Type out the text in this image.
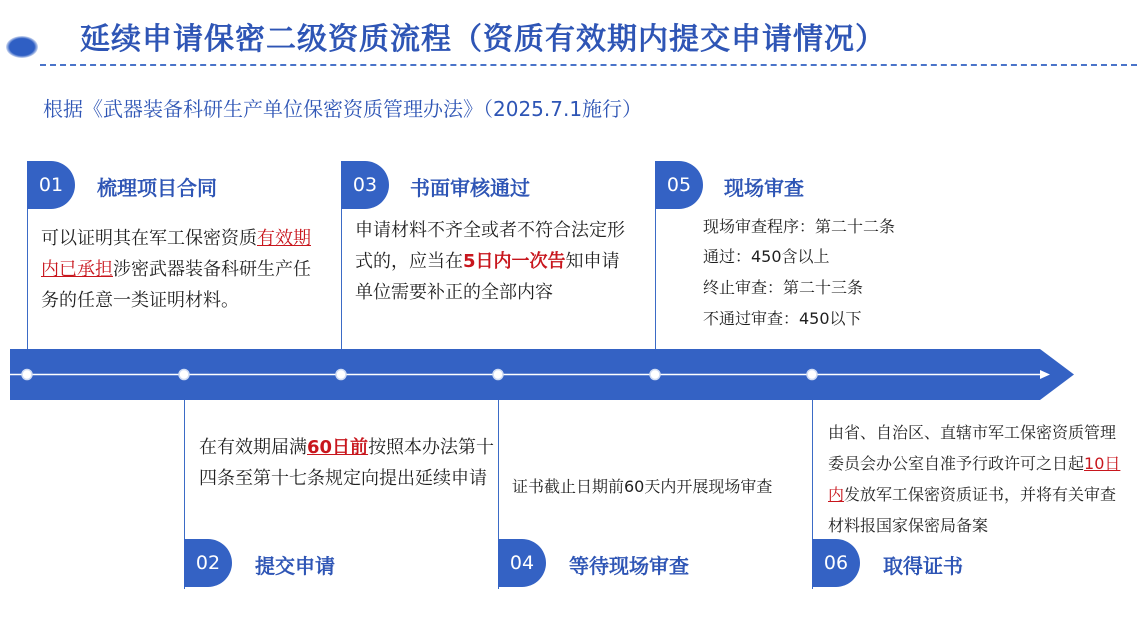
延续申请保密二级资质流程（资质有效期内提交申请情况）
根据《武器装备科研生产单位保密资质管理办法》（2025.7.1施行）
01	梳理项目合同
可以证明其在军工保密资质有效期内已承担涉密武器装备科研生产任务的任意一类证明材料。
03	书面审核通过
申请材料不齐全或者不符合法定形式的，应当在5日内一次告知申请单位需要补正的全部内容
05	现场审查
现场审查程序：第二十二条
通过：450含以上
终止审查：第二十三条
不通过审查：450以下
在有效期届满60日前按照本办法第十四条至第十七条规定向提出延续申请
02	提交申请
证书截止日期前60天内开展现场审查
04	等待现场审查
由省、自治区、直辖市军工保密资质管理委员会办公室自准予行政许可之日起10日内发放军工保密资质证书，并将有关审查材料报国家保密局备案
06	取得证书
